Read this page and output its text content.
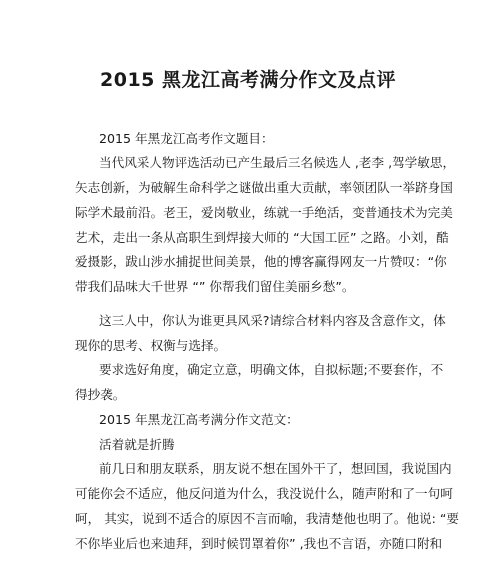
2015 黑龙江高考满分作文及点评
2015 年黑龙江高考作文题目：
当代风采人物评选活动已产生最后三名候选人 ,老李 ,驾学敏思，
矢志创新，为破解生命科学之谜做出重大贡献，率领团队一举跻身国
际学术最前沿。老王，爱岗敬业，练就一手绝活，变普通技术为完美
艺术，走出一条从高职生到焊接大师的 “大国工匠” 之路。小刘，酷
爱摄影，跋山涉水捕捉世间美景，他的博客赢得网友一片赞叹：“你
带我们品味大千世界 “” 你帮我们留住美丽乡愁”。
这三人中，你认为谁更具风采?请综合材料内容及含意作文，体
现你的思考、权衡与选择。
要求选好角度，确定立意，明确文体，自拟标题;不要套作，不
得抄袭。
2015 年黑龙江高考满分作文范文：
活着就是折腾
前几日和朋友联系，朋友说不想在国外干了，想回国，我说国内
可能你会不适应，他反问道为什么，我没说什么，随声附和了一句呵
呵， 其实，说到不适合的原因不言而喻，我清楚他也明了。他说: “要
不你毕业后也来迪拜，到时候罚罩着你” ,我也不言语，亦随口附和
